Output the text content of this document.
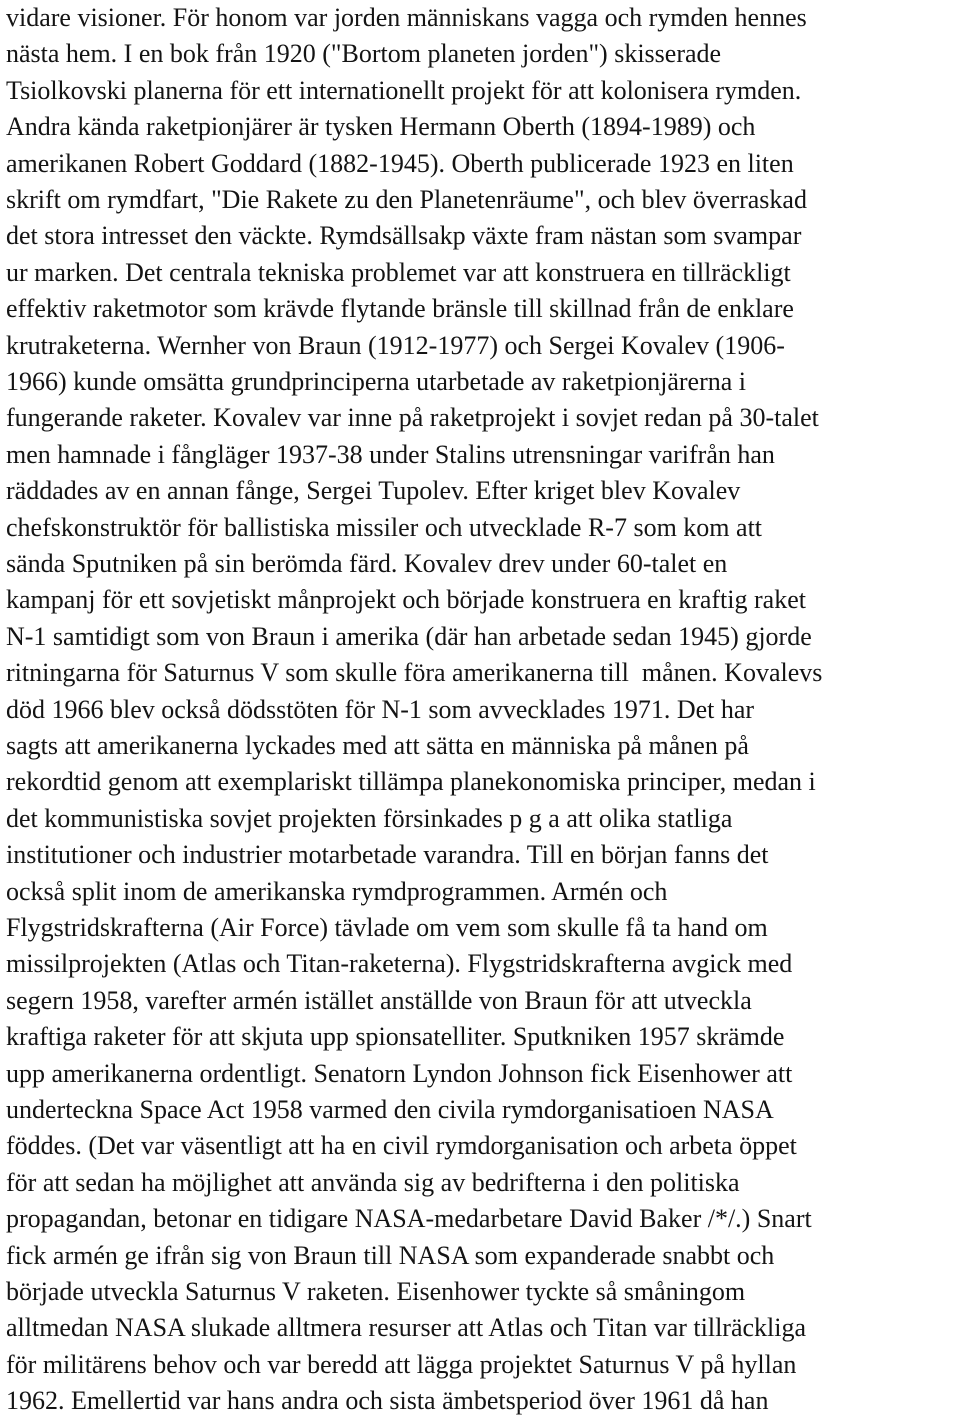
vidare visioner. För honom var jorden människans vagga och rymden hennes
nästa hem. I en bok från 1920 ("Bortom planeten jorden") skisserade
Tsiolkovski planerna för ett internationellt projekt för att kolonisera rymden.
Andra kända raketpionjärer är tysken Hermann Oberth (1894-1989) och
amerikanen Robert Goddard (1882-1945). Oberth publicerade 1923 en liten
skrift om rymdfart, "Die Rakete zu den Planetenräume", och blev överraskad
det stora intresset den väckte. Rymdsällsakp växte fram nästan som svampar
ur marken. Det centrala tekniska problemet var att konstruera en tillräckligt
effektiv raketmotor som krävde flytande bränsle till skillnad från de enklare
krutraketerna. Wernher von Braun (1912-1977) och Sergei Kovalev (1906-
1966) kunde omsätta grundprinciperna utarbetade av raketpionjärerna i
fungerande raketer. Kovalev var inne på raketprojekt i sovjet redan på 30-talet
men hamnade i fångläger 1937-38 under Stalins utrensningar varifrån han
räddades av en annan fånge, Sergei Tupolev. Efter kriget blev Kovalev
chefskonstruktör för ballistiska missiler och utvecklade R-7 som kom att
sända Sputniken på sin berömda färd. Kovalev drev under 60-talet en
kampanj för ett sovjetiskt månprojekt och började konstruera en kraftig raket
N-1 samtidigt som von Braun i amerika (där han arbetade sedan 1945) gjorde
ritningarna för Saturnus V som skulle föra amerikanerna till  månen. Kovalevs
död 1966 blev också dödsstöten för N-1 som avvecklades 1971. Det har
sagts att amerikanerna lyckades med att sätta en människa på månen på
rekordtid genom att exemplariskt tillämpa planekonomiska principer, medan i
det kommunistiska sovjet projekten försinkades p g a att olika statliga
institutioner och industrier motarbetade varandra. Till en början fanns det
också split inom de amerikanska rymdprogrammen. Armén och
Flygstridskrafterna (Air Force) tävlade om vem som skulle få ta hand om
missilprojekten (Atlas och Titan-raketerna). Flygstridskrafterna avgick med
segern 1958, varefter armén istället anställde von Braun för att utveckla
kraftiga raketer för att skjuta upp spionsatelliter. Sputkniken 1957 skrämde
upp amerikanerna ordentligt. Senatorn Lyndon Johnson fick Eisenhower att
underteckna Space Act 1958 varmed den civila rymdorganisatioen NASA
föddes. (Det var väsentligt att ha en civil rymdorganisation och arbeta öppet
för att sedan ha möjlighet att använda sig av bedrifterna i den politiska
propagandan, betonar en tidigare NASA-medarbetare David Baker /*/.) Snart
fick armén ge ifrån sig von Braun till NASA som expanderade snabbt och
började utveckla Saturnus V raketen. Eisenhower tyckte så småningom
alltmedan NASA slukade alltmera resurser att Atlas och Titan var tillräckliga
för militärens behov och var beredd att lägga projektet Saturnus V på hyllan
1962. Emellertid var hans andra och sista ämbetsperiod över 1961 då han
